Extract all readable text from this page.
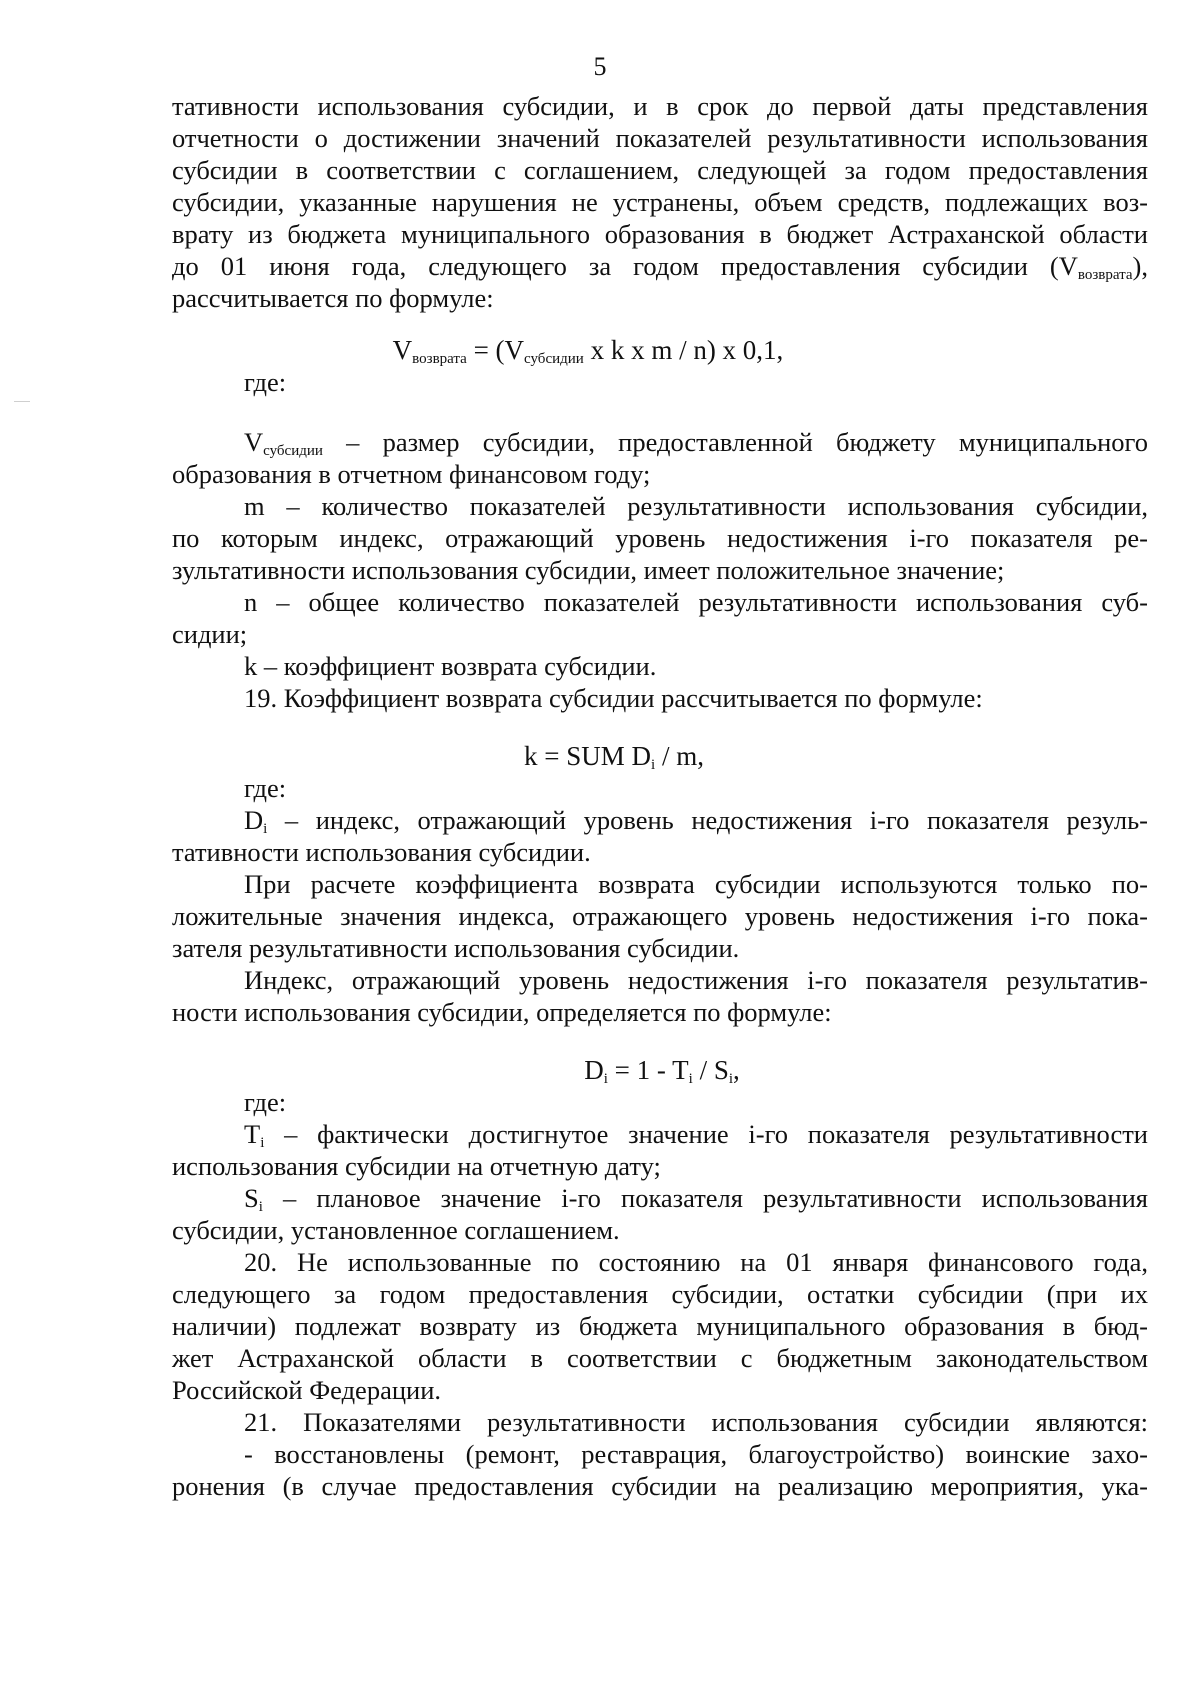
5
тативности использования субсидии, и в срок до первой даты представления
отчетности о достижении значений показателей результативности использования
субсидии в соответствии с соглашением, следующей за годом предоставления
субсидии, указанные нарушения не устранены, объем средств, подлежащих воз-
врату из бюджета муниципального образования в бюджет Астраханской области
до 01 июня года, следующего за годом предоставления субсидии $(V_{возврата})$,
рассчитывается по формуле:
$V_{возврата} = (V_{субсидии}$ x k x m / n) x 0,1,
где:
$V_{субсидии}$ – размер субсидии, предоставленной бюджету муниципального
образования в отчетном финансовом году;
m – количество показателей результативности использования субсидии,
по которым индекс, отражающий уровень недостижения i-го показателя ре-
зультативности использования субсидии, имеет положительное значение;
n – общее количество показателей результативности использования суб-
сидии;
k – коэффициент возврата субсидии.
19. Коэффициент возврата субсидии рассчитывается по формуле:
k = SUM $D_i$ / m,
где:
$D_i$ – индекс, отражающий уровень недостижения i-го показателя резуль-
тативности использования субсидии.
При расчете коэффициента возврата субсидии используются только по-
ложительные значения индекса, отражающего уровень недостижения i-го пока-
зателя результативности использования субсидии.
Индекс, отражающий уровень недостижения i-го показателя результатив-
ности использования субсидии, определяется по формуле:
$D_i = 1 - T_i / S_i$,
где:
$T_i$ – фактически достигнутое значение i-го показателя результативности
использования субсидии на отчетную дату;
$S_i$ – плановое значение i-го показателя результативности использования
субсидии, установленное соглашением.
20. Не использованные по состоянию на 01 января финансового года,
следующего за годом предоставления субсидии, остатки субсидии (при их
наличии) подлежат возврату из бюджета муниципального образования в бюд-
жет Астраханской области в соответствии с бюджетным законодательством
Российской Федерации.
21. Показателями результативности использования субсидии являются:
- восстановлены (ремонт, реставрация, благоустройство) воинские захо-
ронения (в случае предоставления субсидии на реализацию мероприятия, ука-
